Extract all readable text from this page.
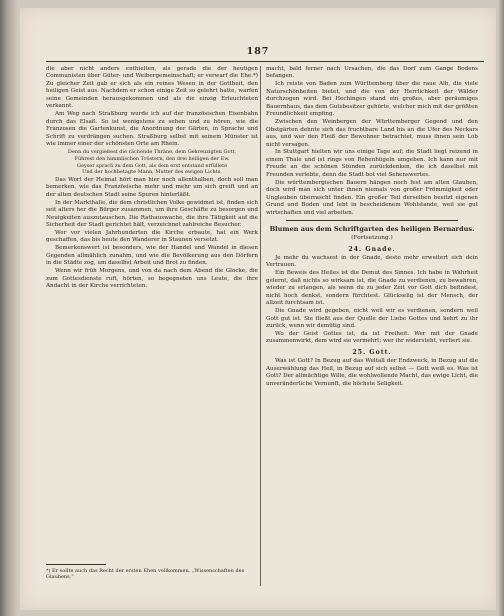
187

die aber nicht anders enthielten, als gerade die der heutigen Communisten über Güter- und Weibergemeinschaft; er verwarf die Ehe.*) Zu gleicher Zeit gab er sich als ein reines Wesen in der Gottheit, den heiligen Geist aus. Nachdem er schon einige Zeit so gelehrt hatte, warfen seine Gemeinden herausgekommen und als die einzig Erleuchteten verkannt.

Am Weg nach Straßburg wurde ich auf der französischen Eisenbahn durch das Elsaß. So ist wenigstens zu sehen und zu hören, wie die Franzosen die Gartenkunst, die Anordnung der Gärten, in Sprache und Schrift zu verdrängen suchen. Straßburg selbst mit seinem Münster ist wie immer einer der schönsten Orte am Rhein.

Denn du vergießest die rächende Thräne, dem Gekreuzigten Gott,
Führest den himmlischen Tröstern, den drei heiligen der Ew.
Geyser sprach zu dem Gott, als dem erst entstand erfüllete
Und der hochbetagte Mann, Mutter des ewigen Lichts.

Das Wort der Heimat hört man hier noch allenthalben, doch soll man bemerken, wie das Französische mehr und mehr um sich greift und an der alten deutschen Stadt seine Spuren hinterläßt.

In der Markthalle, die dem christlichen Volke gewidmet ist, finden sich seit alters her die Bürger zusammen, um ihre Geschäfte zu besorgen und Neuigkeiten auszutauschen. Die Rathauswache, die ihre Tätigkeit auf die Sicherheit der Stadt gerichtet hält, verzeichnet zahlreiche Besucher.

Wer vor vielen Jahrhunderten die Kirche erbaute, hat ein Werk geschaffen, das bis heute den Wanderer in Staunen versetzt.

Bemerkenswert ist besonders, wie der Handel und Wandel in diesen Gegenden allmählich zunahm, und wie die Bevölkerung aus den Dörfern in die Städte zog, um daselbst Arbeit und Brot zu finden.

Wenn wir früh Morgens, und von da nach dem Abend die Glocke, die zum Gottesdienste ruft, hörten, so begegneten uns Leute, die ihre Andacht in der Kirche verrichteten.

*) Er sollte auch das Recht der ersten Ehen vollkommen. „Wissenschaften des Glaubens."

macht, bald ferner nach Ursachen, die das Dorf zum Gange Bodens befangen.

Ich reiste von Baden zum Württemberg über die raue Alb, die viele Naturschönheiten bietet, und die von der Herrlichkeit der Wälder durchzogen wird. Bei Hechingen stand ein großes, aber geräumiges Bauernhaus, das dem Gutsbesitzer gehörte, welcher mich mit der größten Freundlichkeit empfing.

Zwischen den Weinbergen der Württemberger Gegend und den Obstgärten dehnte sich das fruchtbare Land bis an die Ufer des Neckars aus, und wer den Fleiß der Bewohner betrachtet, muss ihnen sein Lob nicht versagen.

In Stuttgart hielten wir uns einige Tage auf; die Stadt liegt reizend in einem Thale und ist rings von Rebenhügeln umgeben. Ich kann nur mit Freude an die schönen Stunden zurückdenken, die ich daselbst mit Freunden verlebte, denn die Stadt bot viel Sehenswertes.

Die württembergischen Bauern hängen noch fest am alten Glauben, doch wird man sich unter ihnen niemals von großer Frömmigkeit oder Unglauben überrascht finden. Ein großer Teil derselben besitzt eigenen Grund und Boden und lebt in bescheidenem Wohlstande, weil sie gut wirtschaften und viel arbeiten.

Blumen aus dem Schriftgarten des heiligen Bernardus.
(Fortsetzung.)
24. Gnade.

Je mehr du wachsest in der Gnade, desto mehr erweitert sich dein Vertrauen.

Ein Beweis des Heiles ist die Demut des Sinnes. Ich habe in Wahrheit gelernt, daß nichts so wirksam ist, die Gnade zu verdienen, zu bewahren, wieder zu erlangen, als wenn du zu jeder Zeit vor Gott dich befindest, nicht hoch denkst, sondern fürchtest. Glückselig ist der Mensch, der allzeit furchtsam ist.

Die Gnade wird gegeben, nicht weil wir es verdienen, sondern weil Gott gut ist. Sie fließt aus der Quelle der Liebe Gottes und kehrt zu ihr zurück, wenn wir demütig sind.

Wo der Geist Gottes ist, da ist Freiheit. Wer mit der Gnade zusammenwirkt, dem wird sie vermehrt; wer ihr widersteht, verliert sie.

25. Gott.

Was ist Gott? In Bezug auf das Weltall der Endzweck, in Bezug auf die Auserwählung das Heil, in Bezug auf sich selbst — Gott weiß es. Was ist Gott? Der allmächtige Wille, die wohlwollende Macht, das ewige Licht, die unveränderliche Vernunft, die höchste Seligkeit.
